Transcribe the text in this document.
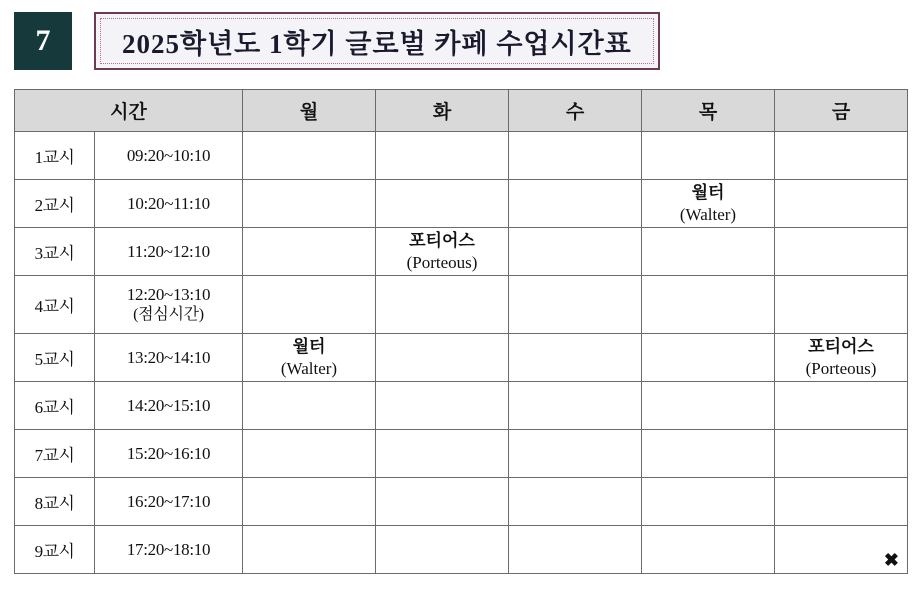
7	2025학년도 1학기 글로벌 카페 수업시간표
시간		월	화	수	목	금
1교시	09:20~10:10					
2교시	10:20~11:10				월터
(Walter)	

3교시	11:20~12:10		포티어스
(Porteous)			

4교시	12:20~13:10
(점심시간)					

5교시	13:20~14:10	월터
(Walter)				포티어스
(Porteous)

6교시	14:20~15:10					
7교시	15:20~16:10					
8교시	16:20~17:10					
9교시	17:20~18:10					✖
